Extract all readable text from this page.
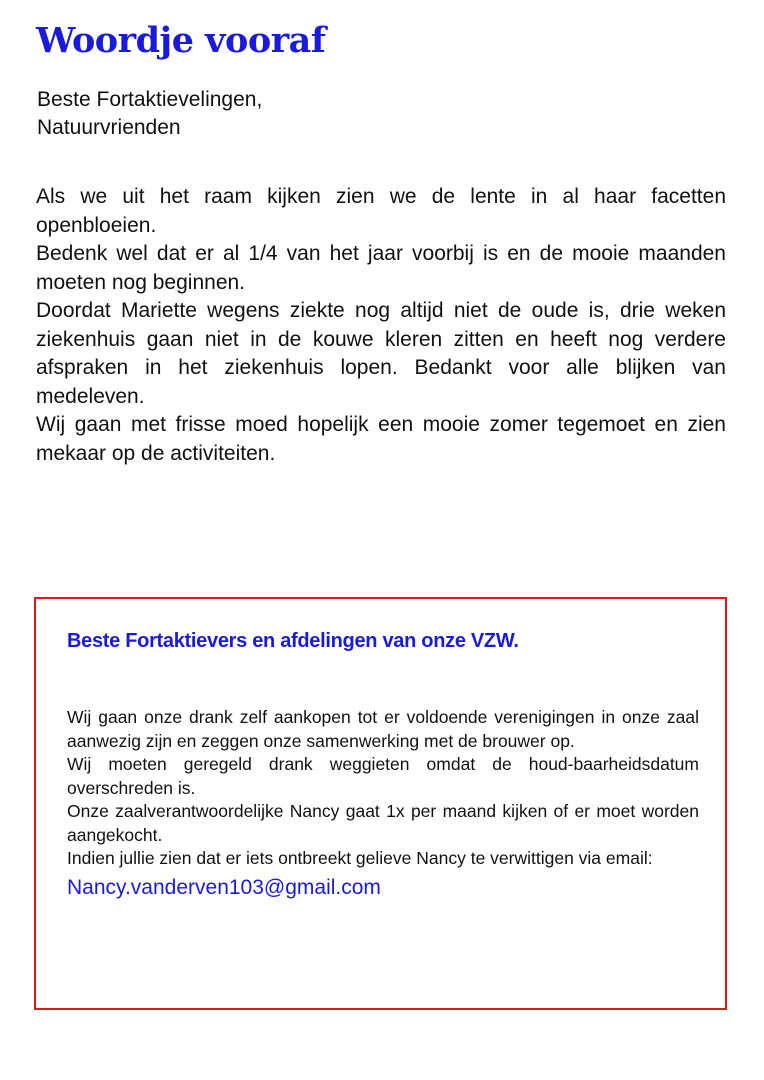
Woordje vooraf
Beste Fortaktievelingen,
Natuurvrienden

Als we uit het raam kijken zien we de lente in al haar facetten openbloeien.

Bedenk wel dat er al 1/4 van het jaar voorbij is en de mooie maanden moeten nog beginnen.

Doordat Mariette wegens ziekte nog altijd niet de oude is, drie weken ziekenhuis gaan niet in de kouwe kleren zitten en heeft nog verdere afspraken in het ziekenhuis lopen. Bedankt voor alle blijken van medeleven.

Wij gaan met frisse moed hopelijk een mooie zomer tegemoet en zien mekaar op de activiteiten.

Beste Fortaktievers en afdelingen van onze VZW.

Wij gaan onze drank zelf aankopen tot er voldoende verenigingen in onze zaal aanwezig zijn en zeggen onze samenwerking met de brouwer op.

Wij moeten geregeld drank weggieten omdat de houd-baarheidsdatum overschreden is.

Onze zaalverantwoordelijke Nancy gaat 1x per maand kijken of er moet worden aangekocht.

Indien jullie zien dat er iets ontbreekt gelieve Nancy te verwittigen via email:

Nancy.vanderven103@gmail.com
